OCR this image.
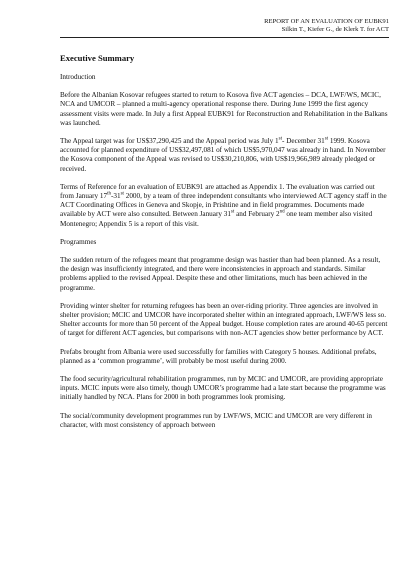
REPORT OF AN EVALUATION OF EUBK91
Silkin T., Kiefer G., de Klerk T. for ACT
Executive Summary

Introduction

Before the Albanian Kosovar refugees started to return to Kosova five ACT agencies – DCA, LWF/WS, MCIC, NCA and UMCOR – planned a multi-agency operational response there. During June 1999 the first agency assessment visits were made. In July a first Appeal EUBK91 for Reconstruction and Rehabilitation in the Balkans was launched.

The Appeal target was for US$37,290,425 and the Appeal period was July 1st- December 31st 1999. Kosova accounted for planned expenditure of US$32,497,081 of which US$5,970,047 was already in hand. In November the Kosova component of the Appeal was revised to US$30,210,806, with US$19,966,989 already pledged or received.

Terms of Reference for an evaluation of EUBK91 are attached as Appendix 1. The evaluation was carried out from January 17th-31st 2000, by a team of three independent consultants who interviewed ACT agency staff in the ACT Coordinating Offices in Geneva and Skopje, in Prishtine and in field programmes. Documents made available by ACT were also consulted. Between January 31st and February 2nd one team member also visited Montenegro; Appendix 5 is a report of this visit.

Programmes

The sudden return of the refugees meant that programme design was hastier than had been planned. As a result, the design was insufficiently integrated, and there were inconsistencies in approach and standards. Similar problems applied to the revised Appeal. Despite these and other limitations, much has been achieved in the programme.

Providing winter shelter for returning refugees has been an over-riding priority. Three agencies are involved in shelter provision; MCIC and UMCOR have incorporated shelter within an integrated approach, LWF/WS less so. Shelter accounts for more than 50 percent of the Appeal budget. House completion rates are around 40-65 percent of target for different ACT agencies, but comparisons with non-ACT agencies show better performance by ACT.

Prefabs brought from Albania were used successfully for families with Category 5 houses. Additional prefabs, planned as a ‘common programme’, will probably be most useful during 2000.

The food security/agricultural rehabilitation programmes, run by MCIC and UMCOR, are providing appropriate inputs. MCIC inputs were also timely, though UMCOR’s programme had a late start because the programme was initially handled by NCA. Plans for 2000 in both programmes look promising.

The social/community development programmes run by LWF/WS, MCIC and UMCOR are very different in character, with most consistency of approach between
